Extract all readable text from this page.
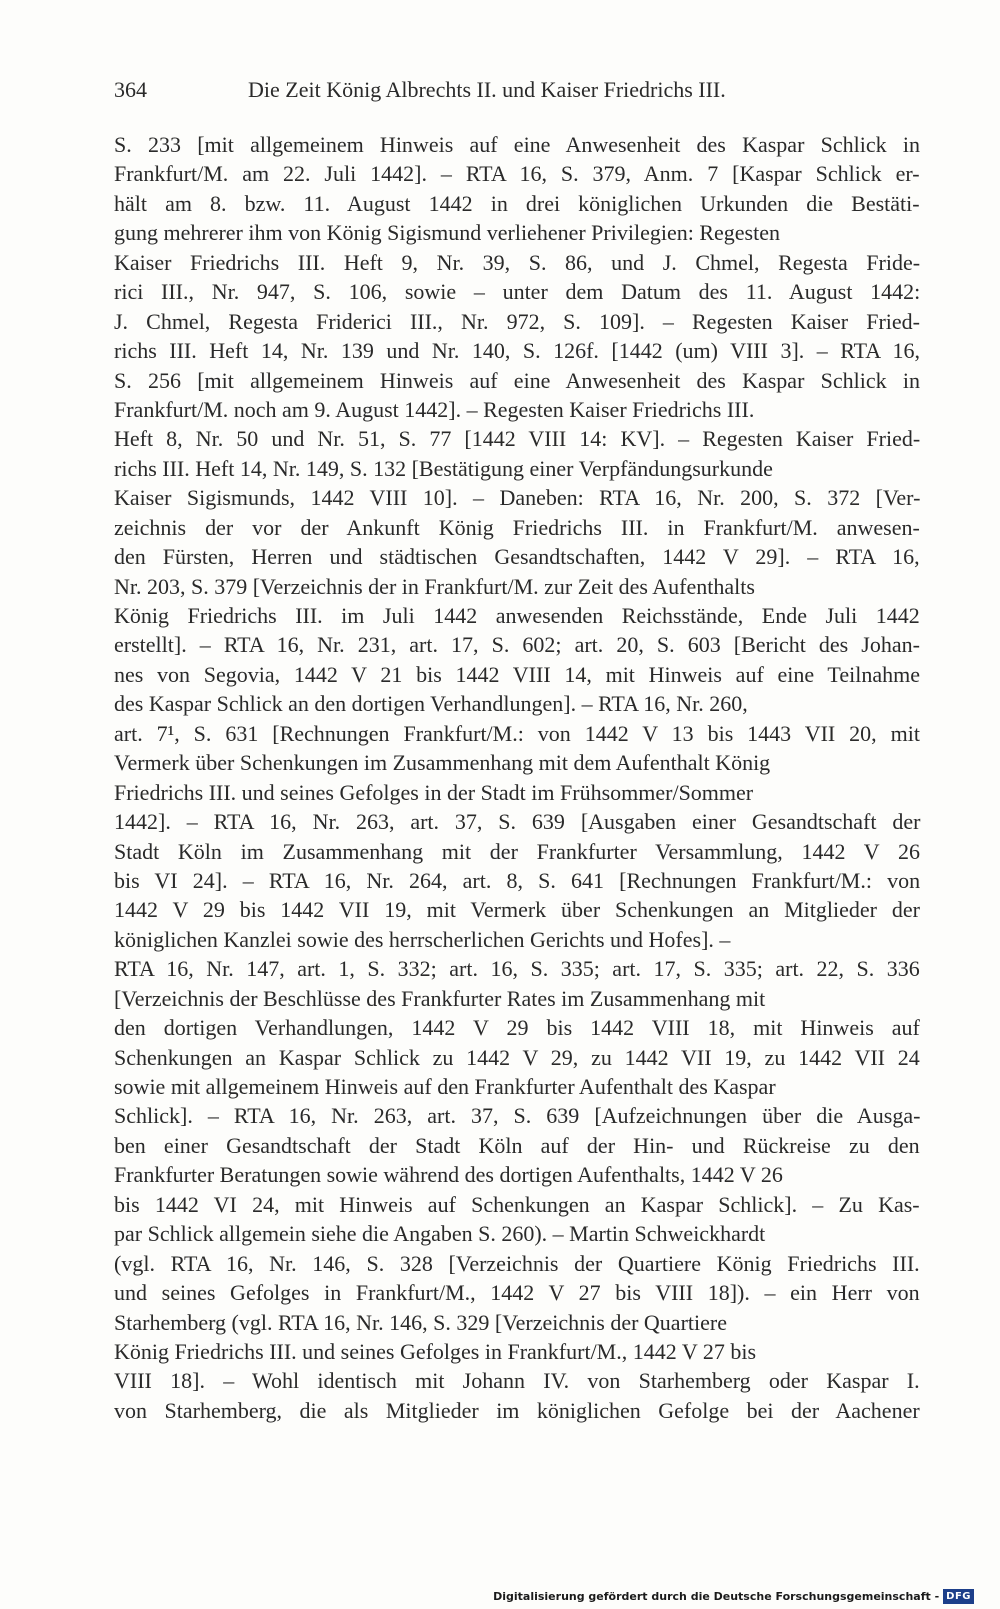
364	Die Zeit König Albrechts II. und Kaiser Friedrichs III.
S. 233 [mit allgemeinem Hinweis auf eine Anwesenheit des Kaspar Schlick in
Frankfurt/M. am 22. Juli 1442]. – RTA 16, S. 379, Anm. 7 [Kaspar Schlick er-
hält am 8. bzw. 11. August 1442 in drei königlichen Urkunden die Bestäti-
gung mehrerer ihm von König Sigismund verliehener Privilegien: Regesten
Kaiser Friedrichs III. Heft 9, Nr. 39, S. 86, und J. Chmel, Regesta Fride-
rici III., Nr. 947, S. 106, sowie – unter dem Datum des 11. August 1442:
J. Chmel, Regesta Friderici III., Nr. 972, S. 109]. – Regesten Kaiser Fried-
richs III. Heft 14, Nr. 139 und Nr. 140, S. 126f. [1442 (um) VIII 3]. – RTA 16,
S. 256 [mit allgemeinem Hinweis auf eine Anwesenheit des Kaspar Schlick in
Frankfurt/M. noch am 9. August 1442]. – Regesten Kaiser Friedrichs III.
Heft 8, Nr. 50 und Nr. 51, S. 77 [1442 VIII 14: KV]. – Regesten Kaiser Fried-
richs III. Heft 14, Nr. 149, S. 132 [Bestätigung einer Verpfändungsurkunde
Kaiser Sigismunds, 1442 VIII 10]. – Daneben: RTA 16, Nr. 200, S. 372 [Ver-
zeichnis der vor der Ankunft König Friedrichs III. in Frankfurt/M. anwesen-
den Fürsten, Herren und städtischen Gesandtschaften, 1442 V 29]. – RTA 16,
Nr. 203, S. 379 [Verzeichnis der in Frankfurt/M. zur Zeit des Aufenthalts
König Friedrichs III. im Juli 1442 anwesenden Reichsstände, Ende Juli 1442
erstellt]. – RTA 16, Nr. 231, art. 17, S. 602; art. 20, S. 603 [Bericht des Johan-
nes von Segovia, 1442 V 21 bis 1442 VIII 14, mit Hinweis auf eine Teilnahme
des Kaspar Schlick an den dortigen Verhandlungen]. – RTA 16, Nr. 260,
art. 7¹, S. 631 [Rechnungen Frankfurt/M.: von 1442 V 13 bis 1443 VII 20, mit
Vermerk über Schenkungen im Zusammenhang mit dem Aufenthalt König
Friedrichs III. und seines Gefolges in der Stadt im Frühsommer/Sommer
1442]. – RTA 16, Nr. 263, art. 37, S. 639 [Ausgaben einer Gesandtschaft der
Stadt Köln im Zusammenhang mit der Frankfurter Versammlung, 1442 V 26
bis VI 24]. – RTA 16, Nr. 264, art. 8, S. 641 [Rechnungen Frankfurt/M.: von
1442 V 29 bis 1442 VII 19, mit Vermerk über Schenkungen an Mitglieder der
königlichen Kanzlei sowie des herrscherlichen Gerichts und Hofes]. –
RTA 16, Nr. 147, art. 1, S. 332; art. 16, S. 335; art. 17, S. 335; art. 22, S. 336
[Verzeichnis der Beschlüsse des Frankfurter Rates im Zusammenhang mit
den dortigen Verhandlungen, 1442 V 29 bis 1442 VIII 18, mit Hinweis auf
Schenkungen an Kaspar Schlick zu 1442 V 29, zu 1442 VII 19, zu 1442 VII 24
sowie mit allgemeinem Hinweis auf den Frankfurter Aufenthalt des Kaspar
Schlick]. – RTA 16, Nr. 263, art. 37, S. 639 [Aufzeichnungen über die Ausga-
ben einer Gesandtschaft der Stadt Köln auf der Hin- und Rückreise zu den
Frankfurter Beratungen sowie während des dortigen Aufenthalts, 1442 V 26
bis 1442 VI 24, mit Hinweis auf Schenkungen an Kaspar Schlick]. – Zu Kas-
par Schlick allgemein siehe die Angaben S. 260). – Martin Schweickhardt
(vgl. RTA 16, Nr. 146, S. 328 [Verzeichnis der Quartiere König Friedrichs III.
und seines Gefolges in Frankfurt/M., 1442 V 27 bis VIII 18]). – ein Herr von
Starhemberg (vgl. RTA 16, Nr. 146, S. 329 [Verzeichnis der Quartiere
König Friedrichs III. und seines Gefolges in Frankfurt/M., 1442 V 27 bis
VIII 18]. – Wohl identisch mit Johann IV. von Starhemberg oder Kaspar I.
von Starhemberg, die als Mitglieder im königlichen Gefolge bei der Aachener
Digitalisierung gefördert durch die Deutsche Forschungsgemeinschaft - DFG
